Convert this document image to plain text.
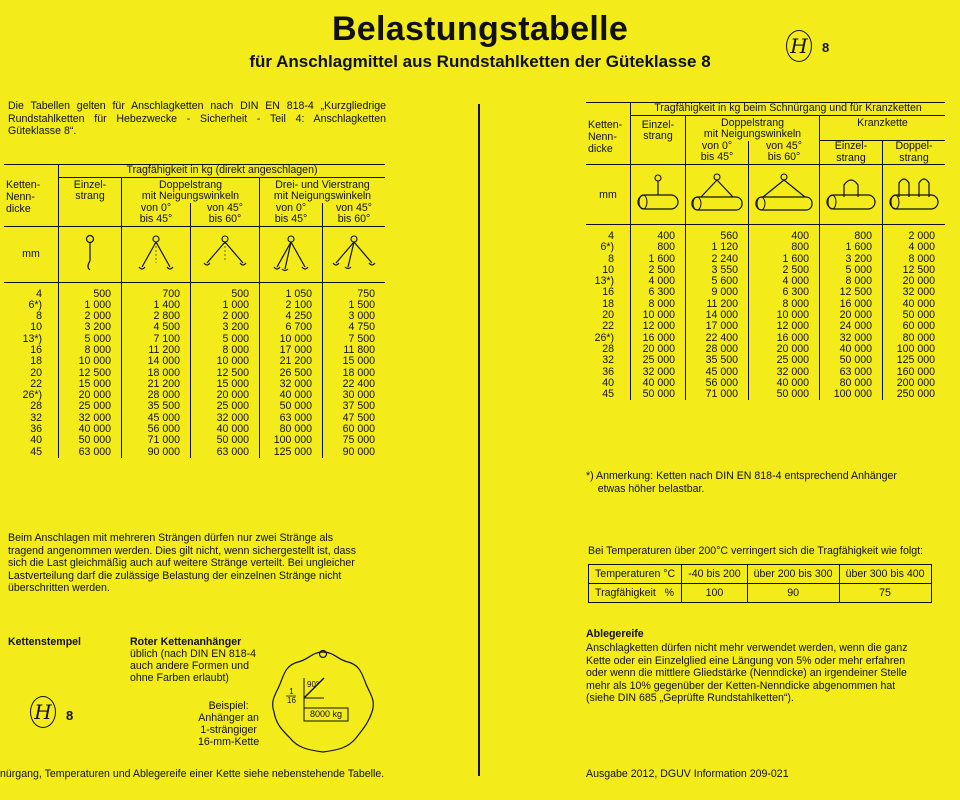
Belastungstabelle
für Anschlagmittel aus Rundstahlketten der Güteklasse 8
H	8
Die Tabellen gelten für Anschlagketten nach DIN EN 818-4 „Kurzgliedrige Rundstahlketten für Hebezwecke - Sicherheit - Teil 4: Anschlagketten Güteklasse 8“.
	Tragfähigkeit in kg (direkt angeschlagen)				
Ketten-
Nenn-
dicke	Einzel-
strang	Doppelstrang
mit Neigungswinkeln		Drei- und Vierstrang
mit Neigungswinkeln	
		von 0°
bis 45°	von 45°
bis 60°	von 0°
bis 45°	von 45°
bis 60°
mm					
4	500	700	500	1 050	750
6*)	1 000	1 400	1 000	2 100	1 500
8	2 000	2 800	2 000	4 250	3 000
10	3 200	4 500	3 200	6 700	4 750
13*)	5 000	7 100	5 000	10 000	7 500
16	8 000	11 200	8 000	17 000	11 800
18	10 000	14 000	10 000	21 200	15 000
20	12 500	18 000	12 500	26 500	18 000
22	15 000	21 200	15 000	32 000	22 400
26*)	20 000	28 000	20 000	40 000	30 000
28	25 000	35 500	25 000	50 000	37 500
32	32 000	45 000	32 000	63 000	47 500
36	40 000	56 000	40 000	80 000	60 000
40	50 000	71 000	50 000	100 000	75 000
45	63 000	90 000	63 000	125 000	90 000
Beim Anschlagen mit mehreren Strängen dürfen nur zwei Stränge als tragend angenommen werden. Dies gilt nicht, wenn sichergestellt ist, dass sich die Last gleichmäßig auch auf weitere Stränge verteilt. Bei ungleicher Lastverteilung darf die zulässige Belastung der einzelnen Stränge nicht überschritten werden.
Kettenstempel
H	8
Roter Kettenanhänger
üblich (nach DIN EN 818-4
auch andere Formen und
ohne Farben erlaubt)
Beispiel:
Anhänger an
1-strängiger
16-mm-Kette
1
16
90°
8000 kg
nürgang, Temperaturen und Ablegereife einer Kette siehe nebenstehende Tabelle.
	Tragfähigkeit in kg beim Schnürgang und für Kranzketten				
Ketten-
Nenn-
dicke	Einzel-
strang	Doppelstrang
mit Neigungswinkeln		Kranzkette	
		von 0°
bis 45°	von 45°
bis 60°	Einzel-
strang	Doppel-
strang
mm					
4	400	560	400	800	2 000
6*)	800	1 120	800	1 600	4 000
8	1 600	2 240	1 600	3 200	8 000
10	2 500	3 550	2 500	5 000	12 500
13*)	4 000	5 600	4 000	8 000	20 000
16	6 300	9 000	6 300	12 500	32 000
18	8 000	11 200	8 000	16 000	40 000
20	10 000	14 000	10 000	20 000	50 000
22	12 000	17 000	12 000	24 000	60 000
26*)	16 000	22 400	16 000	32 000	80 000
28	20 000	28 000	20 000	40 000	100 000
32	25 000	35 500	25 000	50 000	125 000
36	32 000	45 000	32 000	63 000	160 000
40	40 000	56 000	40 000	80 000	200 000
45	50 000	71 000	50 000	100 000	250 000
*) Anmerkung: Ketten nach DIN EN 818-4 entsprechend Anhänger
etwas höher belastbar.
Bei Temperaturen über 200°C verringert sich die Tragfähigkeit wie folgt:
Temperaturen °C	-40 bis 200	über 200 bis 300	über 300 bis 400
Tragfähigkeit   %	100	90	75
Ablegereife
Anschlagketten dürfen nicht mehr verwendet werden, wenn die ganz
Kette oder ein Einzelglied eine Längung von 5% oder mehr erfahren
oder wenn die mittlere Gliedstärke (Nenndicke) an irgendeiner Stelle
mehr als 10% gegenüber der Ketten-Nenndicke abgenommen hat
(siehe DIN 685 „Geprüfte Rundstahlketten“).
Ausgabe 2012, DGUV Information 209-021
